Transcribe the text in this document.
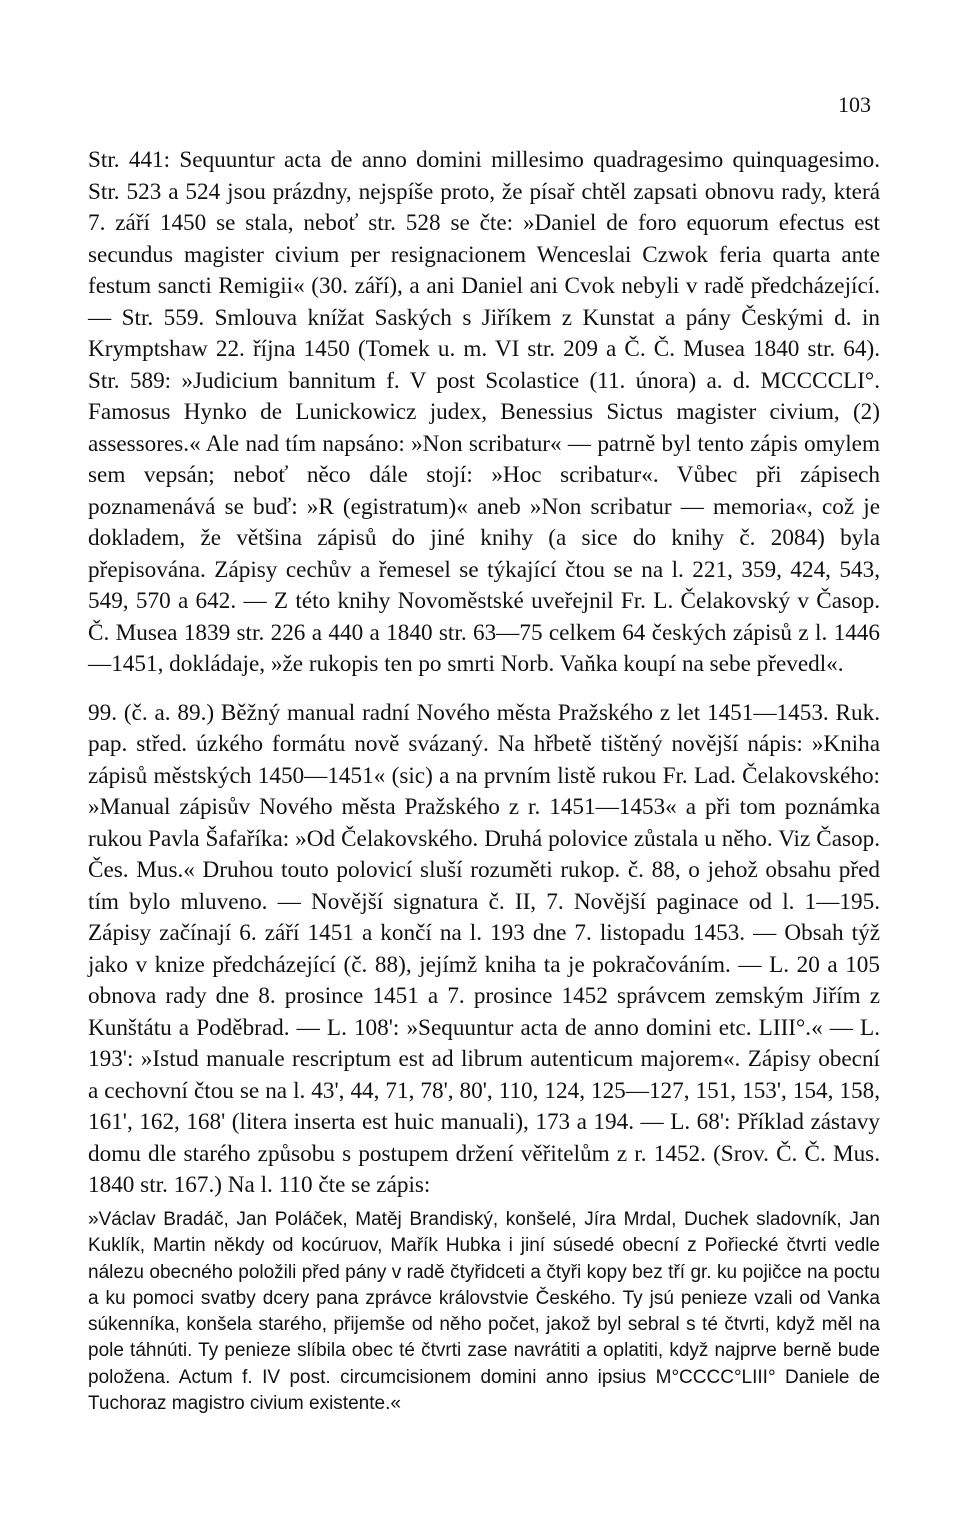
103

Str. 441: Sequuntur acta de anno domini millesimo quadragesimo quinquagesimo. Str. 523 a 524 jsou prázdny, nejspíše proto, že písař chtěl zapsati obnovu rady, která 7. září 1450 se stala, neboť str. 528 se čte: »Daniel de foro equorum efectus est secundus magister civium per resignacionem Wenceslai Czwok feria quarta ante festum sancti Remigii« (30. září), a ani Daniel ani Cvok nebyli v radě předcházející. — Str. 559. Smlouva knížat Saských s Jiříkem z Kunstat a pány Českými d. in Krymptshaw 22. října 1450 (Tomek u. m. VI str. 209 a Č. Č. Musea 1840 str. 64). Str. 589: »Judicium bannitum f. V post Scolastice (11. února) a. d. MCCCCLI°. Famosus Hynko de Lunickowicz judex, Benessius Sictus magister civium, (2) assessores.« Ale nad tím napsáno: »Non scribatur« — patrně byl tento zápis omylem sem vepsán; neboť něco dále stojí: »Hoc scribatur«. Vůbec při zápisech poznamenává se buď: »R (egistratum)« aneb »Non scribatur — memoria«, což je dokladem, že většina zápisů do jiné knihy (a sice do knihy č. 2084) byla přepisována. Zápisy cechův a řemesel se týkající čtou se na l. 221, 359, 424, 543, 549, 570 a 642. — Z této knihy Novoměstské uveřejnil Fr. L. Čelakovský v Časop. Č. Musea 1839 str. 226 a 440 a 1840 str. 63—75 celkem 64 českých zápisů z l. 1446—1451, dokládaje, »že rukopis ten po smrti Norb. Vaňka koupí na sebe převedl«.

99. (č. a. 89.) Běžný manual radní Nového města Pražského z let 1451—1453. Ruk. pap. střed. úzkého formátu nově svázaný. Na hřbetě tištěný novější nápis: »Kniha zápisů městských 1450—1451« (sic) a na prvním listě rukou Fr. Lad. Čelakovského: »Manual zápisův Nového města Pražského z r. 1451—1453« a při tom poznámka rukou Pavla Šafaříka: »Od Čelakovského. Druhá polovice zůstala u něho. Viz Časop. Čes. Mus.« Druhou touto polovicí sluší rozuměti rukop. č. 88, o jehož obsahu před tím bylo mluveno. — Novější signatura č. II, 7. Novější paginace od l. 1—195. Zápisy začínají 6. září 1451 a končí na l. 193 dne 7. listopadu 1453. — Obsah týž jako v knize předcházející (č. 88), jejímž kniha ta je pokračováním. — L. 20 a 105 obnova rady dne 8. prosince 1451 a 7. prosince 1452 správcem zemským Jiřím z Kunštátu a Poděbrad. — L. 108': »Sequuntur acta de anno domini etc. LIII°.« — L. 193': »Istud manuale rescriptum est ad librum autenticum majorem«. Zápisy obecní a cechovní čtou se na l. 43', 44, 71, 78', 80', 110, 124, 125—127, 151, 153', 154, 158, 161', 162, 168' (litera inserta est huic manuali), 173 a 194. — L. 68': Příklad zástavy domu dle starého způsobu s postupem držení věřitelům z r. 1452. (Srov. Č. Č. Mus. 1840 str. 167.) Na l. 110 čte se zápis:

»Václav Bradáč, Jan Poláček, Matěj Brandiský, konšelé, Jíra Mrdal, Duchek sladovník, Jan Kuklík, Martin někdy od kocúruov, Mařík Hubka i jiní súsedé obecní z Pořiecké čtvrti vedle nálezu obecného položili před pány v radě čtyřidceti a čtyři kopy bez tří gr. ku pojičce na poctu a ku pomoci svatby dcery pana zprávce královstvie Českého. Ty jsú penieze vzali od Vanka súkenníka, konšela starého, přijemše od něho počet, jakož byl sebral s té čtvrti, když měl na pole táhnúti. Ty penieze slíbila obec té čtvrti zase navrátiti a oplatiti, když najprve berně bude položena. Actum f. IV post. circumcisionem domini anno ipsius M°CCCC°LIII° Daniele de Tuchoraz magistro civium existente.«
